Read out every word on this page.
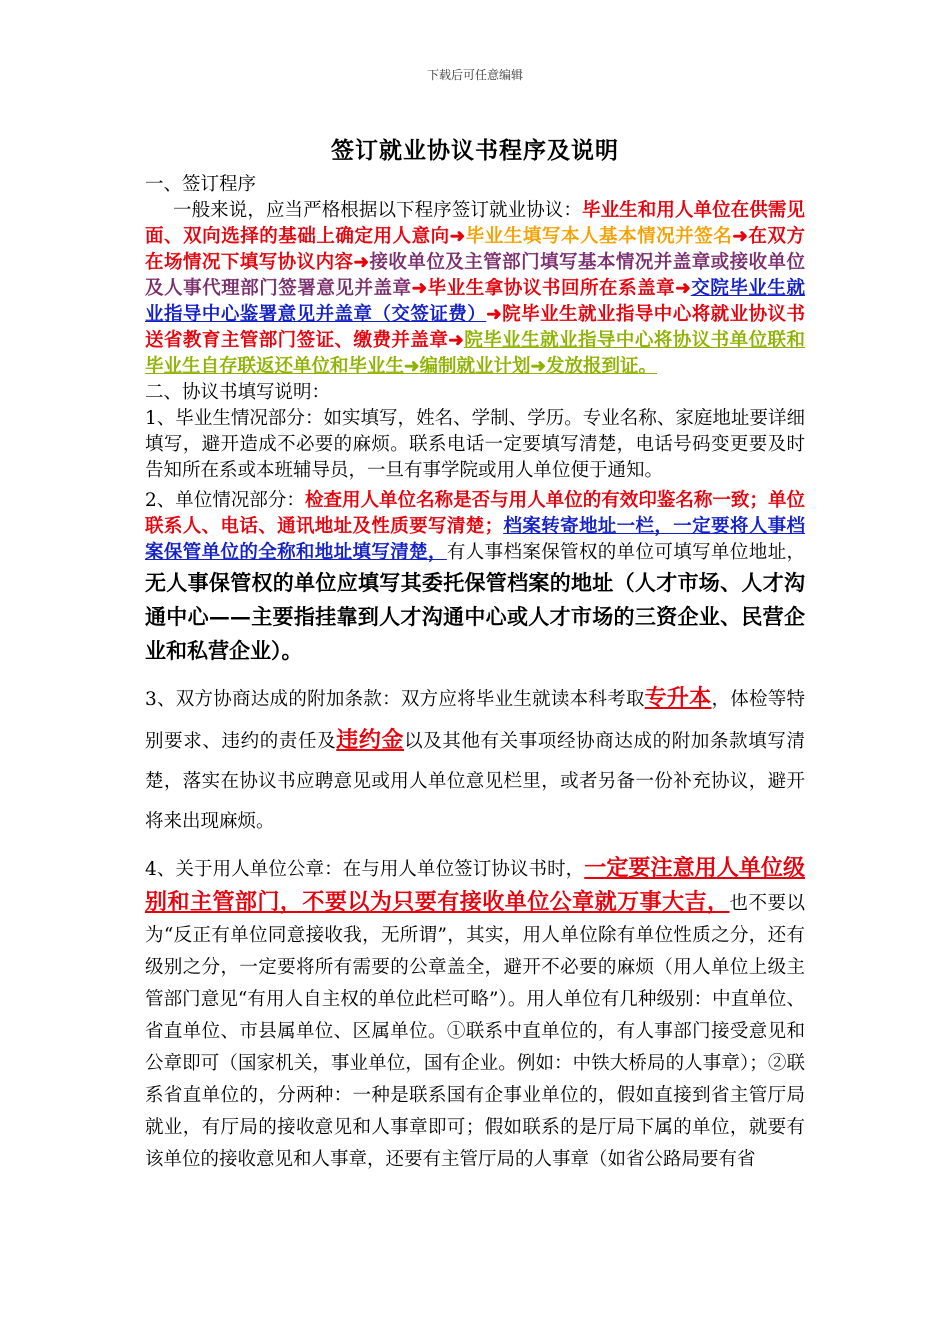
下载后可任意编辑
签订就业协议书程序及说明

一、签订程序

一般来说，应当严格根据以下程序签订就业协议：毕业生和用人单位在供需见面、双向选择的基础上确定用人意向➜毕业生填写本人基本情况并签名➜在双方在场情况下填写协议内容➜接收单位及主管部门填写基本情况并盖章或接收单位及人事代理部门签署意见并盖章➜毕业生拿协议书回所在系盖章➜交院毕业生就业指导中心鉴署意见并盖章（交签证费）➜院毕业生就业指导中心将就业协议书送省教育主管部门签证、缴费并盖章➜院毕业生就业指导中心将协议书单位联和毕业生自存联返还单位和毕业生➜编制就业计划➜发放报到证。

二、协议书填写说明：

1、毕业生情况部分：如实填写，姓名、学制、学历。专业名称、家庭地址要详细填写，避开造成不必要的麻烦。联系电话一定要填写清楚，电话号码变更要及时告知所在系或本班辅导员，一旦有事学院或用人单位便于通知。

2、单位情况部分：检查用人单位名称是否与用人单位的有效印鉴名称一致；单位联系人、电话、通讯地址及性质要写清楚；档案转寄地址一栏，一定要将人事档案保管单位的全称和地址填写清楚，有人事档案保管权的单位可填写单位地址，无人事保管权的单位应填写其委托保管档案的地址（人才市场、人才沟通中心——主要指挂靠到人才沟通中心或人才市场的三资企业、民营企业和私营企业）。

3、双方协商达成的附加条款：双方应将毕业生就读本科考取专升本，体检等特别要求、违约的责任及违约金以及其他有关事项经协商达成的附加条款填写清楚，落实在协议书应聘意见或用人单位意见栏里，或者另备一份补充协议，避开将来出现麻烦。

4、关于用人单位公章：在与用人单位签订协议书时，一定要注意用人单位级别和主管部门，不要以为只要有接收单位公章就万事大吉，也不要以为“反正有单位同意接收我，无所谓”，其实，用人单位除有单位性质之分，还有级别之分，一定要将所有需要的公章盖全，避开不必要的麻烦（用人单位上级主管部门意见“有用人自主权的单位此栏可略”）。用人单位有几种级别：中直单位、省直单位、市县属单位、区属单位。①联系中直单位的，有人事部门接受意见和公章即可（国家机关，事业单位，国有企业。例如：中铁大桥局的人事章）；②联系省直单位的，分两种：一种是联系国有企事业单位的，假如直接到省主管厅局就业，有厅局的接收意见和人事章即可；假如联系的是厅局下属的单位，就要有该单位的接收意见和人事章，还要有主管厅局的人事章（如省公路局要有省
